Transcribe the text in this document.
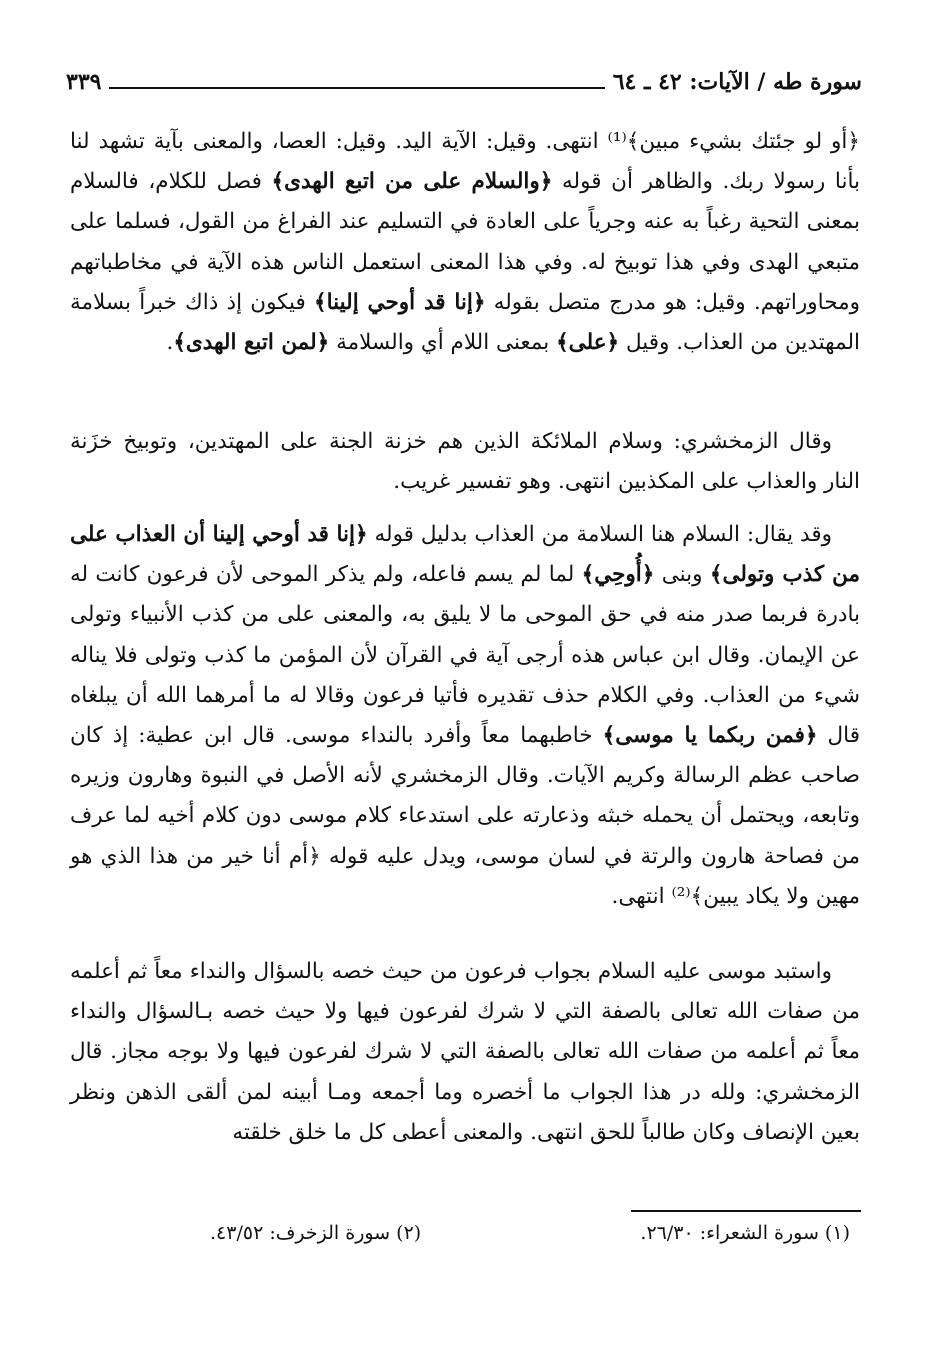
سورة طه / الآيات: ٤٢ ـ ٦٤
٣٣٩

﴿أو لو جئتك بشيء مبين﴾⁽¹⁾ انتهى. وقيل: الآية اليد. وقيل: العصا، والمعنى بآية تشهد لنا بأنا رسولا ربك. والظاهر أن قوله ﴿والسلام على من اتبع الهدى﴾ فصل للكلام، فالسلام بمعنى التحية رغباً به عنه وجرياً على العادة في التسليم عند الفراغ من القول، فسلما على متبعي الهدى وفي هذا توبيخ له. وفي هذا المعنى استعمل الناس هذه الآية في مخاطباتهم ومحاوراتهم. وقيل: هو مدرج متصل بقوله ﴿إنا قد أوحي إلينا﴾ فيكون إذ ذاك خبراً بسلامة المهتدين من العذاب. وقيل ﴿على﴾ بمعنى اللام أي والسلامة ﴿لمن اتبع الهدى﴾.

وقال الزمخشري: وسلام الملائكة الذين هم خزنة الجنة على المهتدين، وتوبيخ خزَنة النار والعذاب على المكذبين انتهى. وهو تفسير غريب.

وقد يقال: السلام هنا السلامة من العذاب بدليل قوله ﴿إنا قد أوحي إلينا أن العذاب على من كذب وتولى﴾ وبنى ﴿أُوحِي﴾ لما لم يسم فاعله، ولم يذكر الموحى لأن فرعون كانت له بادرة فربما صدر منه في حق الموحى ما لا يليق به، والمعنى على من كذب الأنبياء وتولى عن الإيمان. وقال ابن عباس هذه أرجى آية في القرآن لأن المؤمن ما كذب وتولى فلا يناله شيء من العذاب. وفي الكلام حذف تقديره فأتيا فرعون وقالا له ما أمرهما الله أن يبلغاه قال ﴿فمن ربكما يا موسى﴾ خاطبهما معاً وأفرد بالنداء موسى. قال ابن عطية: إذ كان صاحب عظم الرسالة وكريم الآيات. وقال الزمخشري لأنه الأصل في النبوة وهارون وزيره وتابعه، ويحتمل أن يحمله خبثه وذعارته على استدعاء كلام موسى دون كلام أخيه لما عرف من فصاحة هارون والرتة في لسان موسى، ويدل عليه قوله ﴿أم أنا خير من هذا الذي هو مهين ولا يكاد يبين﴾⁽²⁾ انتهى.

واستبد موسى عليه السلام بجواب فرعون من حيث خصه بالسؤال والنداء معاً ثم أعلمه من صفات الله تعالى بالصفة التي لا شرك لفرعون فيها ولا حيث خصه بـالسؤال والنداء معاً ثم أعلمه من صفات الله تعالى بالصفة التي لا شرك لفرعون فيها ولا بوجه مجاز. قال الزمخشري: ولله در هذا الجواب ما أخصره وما أجمعه ومـا أبينه لمن ألقى الذهن ونظر بعين الإنصاف وكان طالباً للحق انتهى. والمعنى أعطى كل ما خلق خلقته

(١) سورة الشعراء: ٢٦/٣٠.
(٢) سورة الزخرف: ٤٣/٥٢.
